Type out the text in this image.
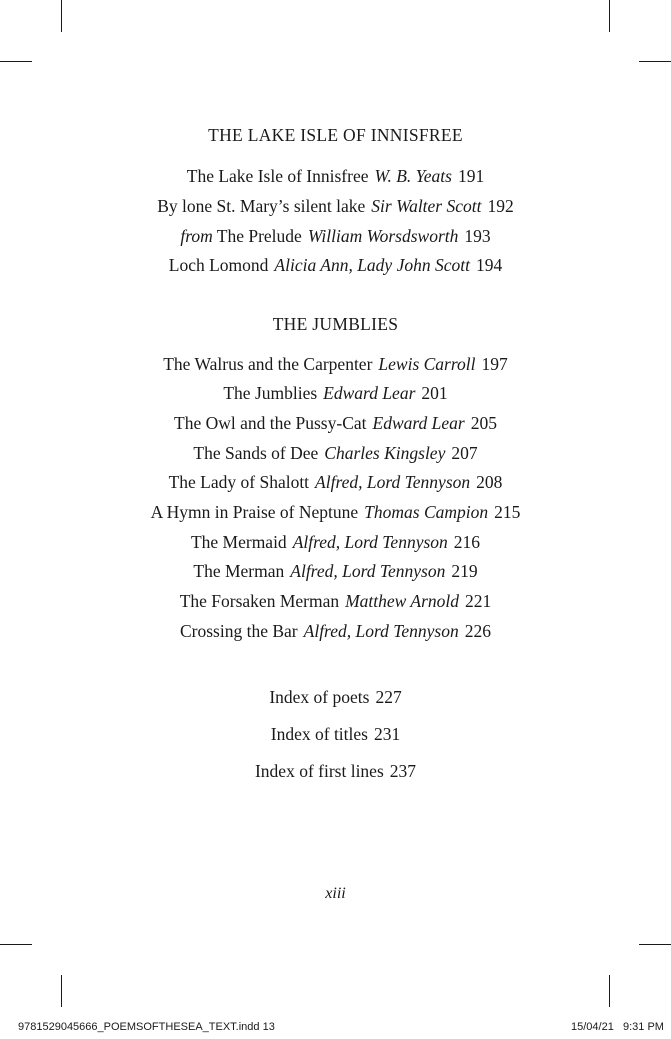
THE LAKE ISLE OF INNISFREE
The Lake Isle of Innisfree W. B. Yeats 191
By lone St. Mary’s silent lake Sir Walter Scott 192
from The Prelude William Worsdsworth 193
Loch Lomond Alicia Ann, Lady John Scott 194
THE JUMBLIES
The Walrus and the Carpenter Lewis Carroll 197
The Jumblies Edward Lear 201
The Owl and the Pussy-Cat Edward Lear 205
The Sands of Dee Charles Kingsley 207
The Lady of Shalott Alfred, Lord Tennyson 208
A Hymn in Praise of Neptune Thomas Campion 215
The Mermaid Alfred, Lord Tennyson 216
The Merman Alfred, Lord Tennyson 219
The Forsaken Merman Matthew Arnold 221
Crossing the Bar Alfred, Lord Tennyson 226
Index of poets 227
Index of titles 231
Index of first lines 237
xiii
9781529045666_POEMSOFTHESEA_TEXT.indd 13	15/04/21 9:31 PM
